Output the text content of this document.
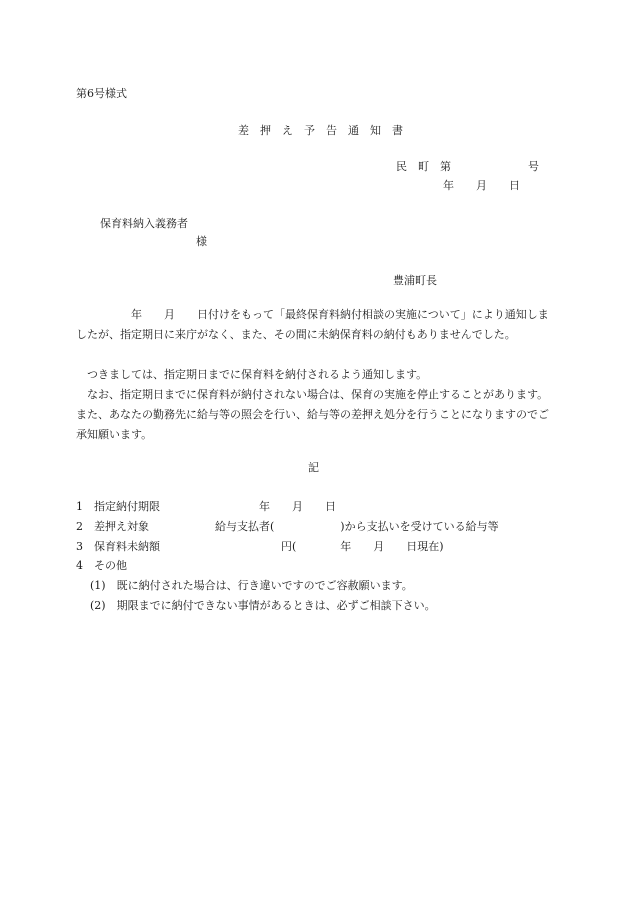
第6号様式
差　押　え　予　告　通　知　書
民　町　第　　　　　　　号
年　　月　　日
保育料納入義務者
様
豊浦町長
　　　　　年　　月　　日付けをもって「最終保育料納付相談の実施について」により通知しましたが、指定期日に来庁がなく、また、その間に未納保育料の納付もありませんでした。
　つきましては、指定期日までに保育料を納付されるよう通知します。
　なお、指定期日までに保育料が納付されない場合は、保育の実施を停止することがあります。また、あなたの勤務先に給与等の照会を行い、給与等の差押え処分を行うことになりますのでご承知願います。
記
1　指定納付期限　　　　　　　　　年　　月　　日
2　差押え対象　　　　　　給与支払者(　　　　　　)から支払いを受けている給与等
3　保育料未納額　　　　　　　　　　　円(　　　　年　　月　　日現在)
4　その他
(1)　既に納付された場合は、行き違いですのでご容赦願います。
(2)　期限までに納付できない事情があるときは、必ずご相談下さい。
